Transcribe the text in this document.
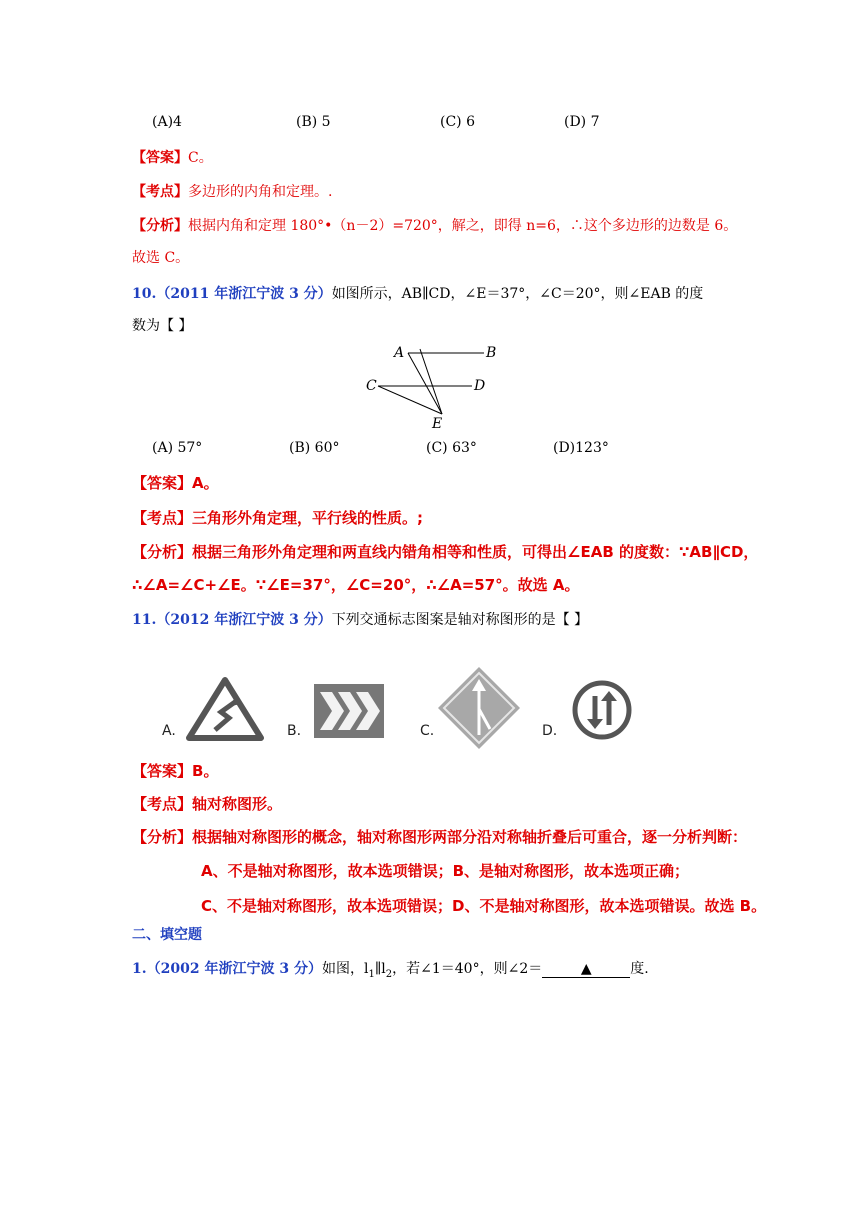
(A)4	(B) 5	(C) 6	(D) 7
【答案】C。
【考点】多边形的内角和定理。.
【分析】根据内角和定理 180°•（n－2）=720°，解之，即得 n=6，∴这个多边形的边数是 6。
故选 C。
10.（2011 年浙江宁波 3 分）如图所示，AB∥CD，∠E＝37°，∠C＝20°，则∠EAB 的度
数为【 】
A	B
C	D
E
(A) 57°	(B) 60°	(C) 63°	(D)123°
【答案】A。
【考点】三角形外角定理，平行线的性质。;
【分析】根据三角形外角定理和两直线内错角相等和性质，可得出∠EAB 的度数：∵AB∥CD，
∴∠A=∠C+∠E。∵∠E=37°，∠C=20°，∴∠A=57°。故选 A。
11.（2012 年浙江宁波 3 分）下列交通标志图案是轴对称图形的是【 】
A.	B.	C.	D.
【答案】B。
【考点】轴对称图形。
【分析】根据轴对称图形的概念，轴对称图形两部分沿对称轴折叠后可重合，逐一分析判断：
A、不是轴对称图形，故本选项错误；B、是轴对称图形，故本选项正确；
C、不是轴对称图形，故本选项错误；D、不是轴对称图形，故本选项错误。故选 B。
二、填空题
1.（2002 年浙江宁波 3 分）如图，$l_1\parallel l_2$，若∠1＝40°，则∠2＝	▲	度.
